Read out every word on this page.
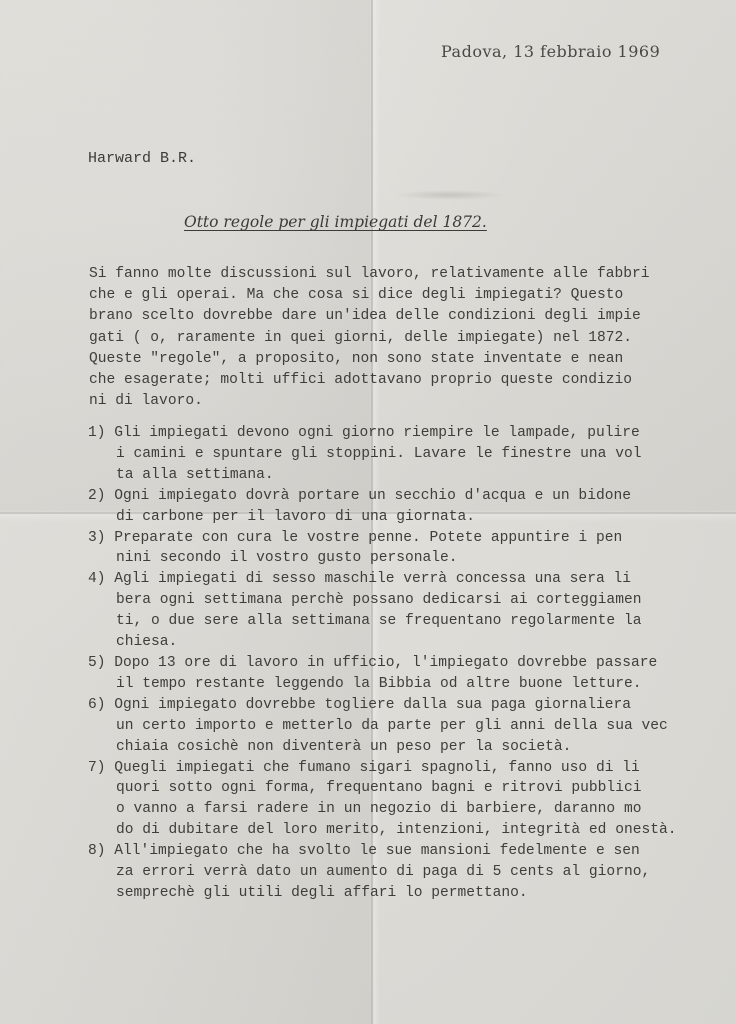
Padova, 13 febbraio 1969
Harward B.R.
Otto regole per gli impiegati del 1872.
Si fanno molte discussioni sul lavoro, relativamente alle fabbri
che e gli operai. Ma che cosa si dice degli impiegati? Questo
brano scelto dovrebbe dare un'idea delle condizioni degli impie
gati ( o, raramente in quei giorni, delle impiegate) nel 1872.
Queste "regole", a proposito, non sono state inventate e nean
che esagerate; molti uffici adottavano proprio queste condizio
ni di lavoro.
1) Gli impiegati devono ogni giorno riempire le lampade, pulire
i camini e spuntare gli stoppini. Lavare le finestre una vol
ta alla settimana.
2) Ogni impiegato dovrà portare un secchio d'acqua e un bidone
di carbone per il lavoro di una giornata.
3) Preparate con cura le vostre penne. Potete appuntire i pen
nini secondo il vostro gusto personale.
4) Agli impiegati di sesso maschile verrà concessa una sera li
bera ogni settimana perchè possano dedicarsi ai corteggiamen
ti, o due sere alla settimana se frequentano regolarmente la
chiesa.
5) Dopo 13 ore di lavoro in ufficio, l'impiegato dovrebbe passare
il tempo restante leggendo la Bibbia od altre buone letture.
6) Ogni impiegato dovrebbe togliere dalla sua paga giornaliera
un certo importo e metterlo da parte per gli anni della sua vec
chiaia cosichè non diventerà un peso per la società.
7) Quegli impiegati che fumano sigari spagnoli, fanno uso di li
quori sotto ogni forma, frequentano bagni e ritrovi pubblici
o vanno a farsi radere in un negozio di barbiere, daranno mo
do di dubitare del loro merito, intenzioni, integrità ed onestà.
8) All'impiegato che ha svolto le sue mansioni fedelmente e sen
za errori verrà dato un aumento di paga di 5 cents al giorno,
semprechè gli utili degli affari lo permettano.
